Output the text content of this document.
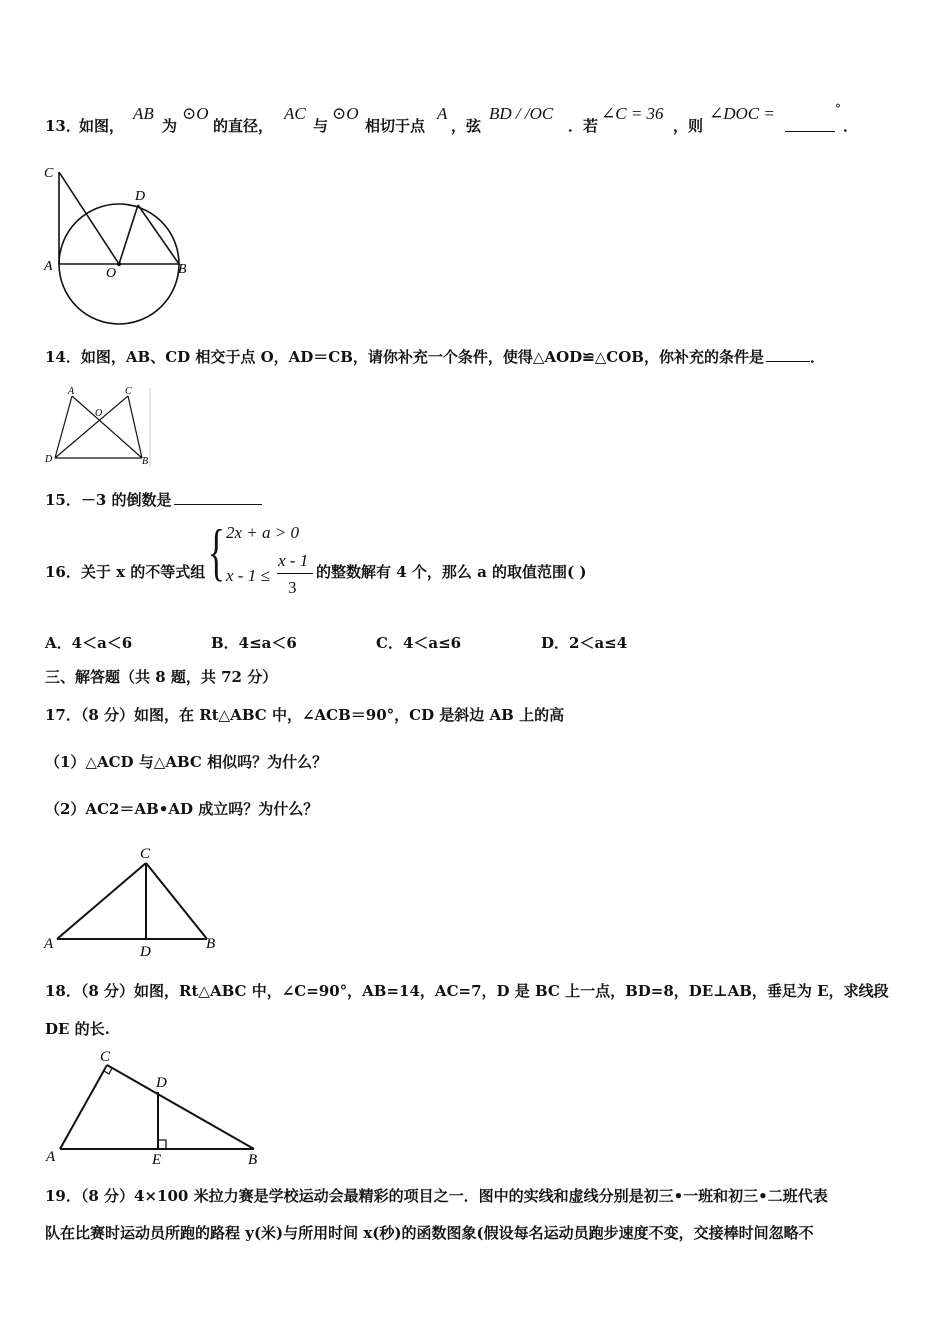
13．
如图，
AB
为
⊙O
的直径，
AC
与
⊙O
相切于点
A
，弦
BD / /OC
．若
∠C = 36
，则
∠DOC =	°
．
C
D
A	O	B
14．如图，AB、CD 相交于点 O，AD＝CB，请你补充一个条件，使得△AOD≌△COB，你补充的条件是	．
A	C
O
D	B
15．－3 的倒数是
16．关于 x 的不等式组 { 2x + a > 0
x - 1 ≤
x - 1
3
的整数解有 4 个，那么 a 的取值范围( )
A．4＜a＜6	B．4≤a＜6	C．4＜a≤6	D．2＜a≤4
三、解答题（共 8 题，共 72 分）
17．（8 分）如图，在 Rt△ABC 中，∠ACB＝90°，CD 是斜边 AB 上的高
（1）△ACD 与△ABC 相似吗？为什么？
（2）AC2＝AB•AD 成立吗？为什么？
C
A	D	B
18．（8 分）如图，Rt△ABC 中，∠C=90°，AB=14，AC=7，D 是 BC 上一点，BD=8，DE⊥AB，垂足为 E，求线段
DE 的长.
C
D
A	E	B
19．（8 分）4×100 米拉力赛是学校运动会最精彩的项目之一．图中的实线和虚线分别是初三•一班和初三•二班代表
队在比赛时运动员所跑的路程 y(米)与所用时间 x(秒)的函数图象(假设每名运动员跑步速度不变，交接棒时间忽略不
